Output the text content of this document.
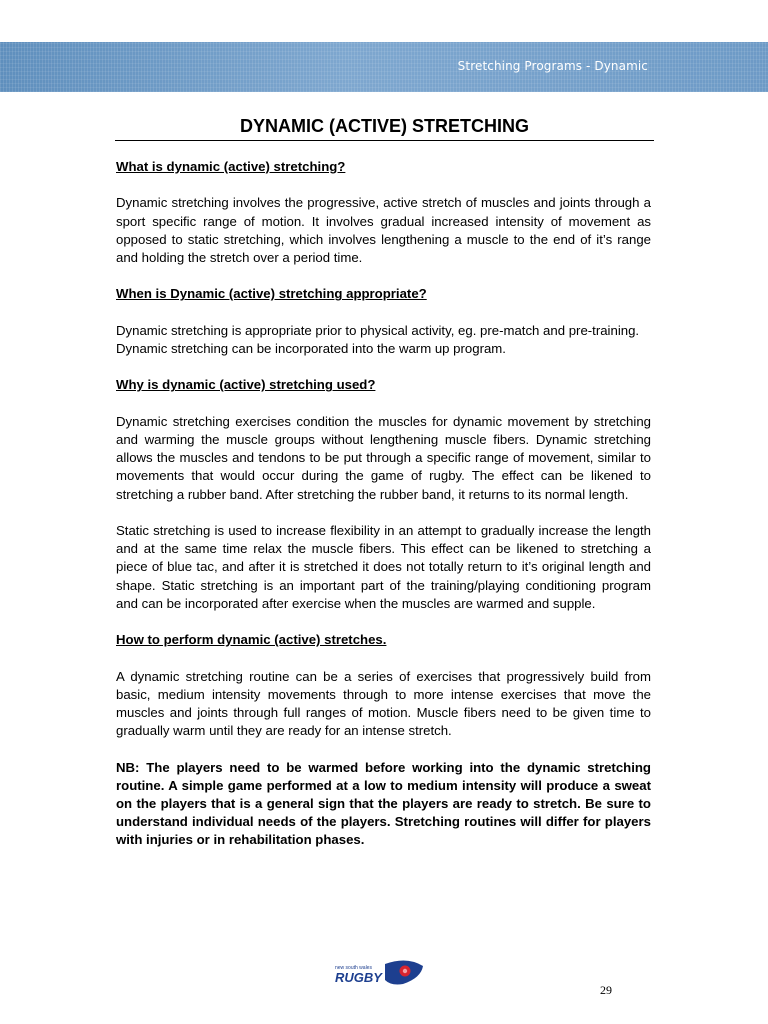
Stretching Programs - Dynamic
DYNAMIC (ACTIVE) STRETCHING

What is dynamic (active) stretching?

Dynamic stretching involves the progressive, active stretch of muscles and joints through a sport specific range of motion. It involves gradual increased intensity of movement as opposed to static stretching, which involves lengthening a muscle to the end of it’s range and holding the stretch over a period time.

When is Dynamic (active) stretching appropriate?

Dynamic stretching is appropriate prior to physical activity, eg. pre-match and pre-training.

Dynamic stretching can be incorporated into the warm up program.

Why is dynamic (active) stretching used?

Dynamic stretching exercises condition the muscles for dynamic movement by stretching and warming the muscle groups without lengthening muscle fibers. Dynamic stretching allows the muscles and tendons to be put through a specific range of movement, similar to movements that would occur during the game of rugby. The effect can be likened to stretching a rubber band. After stretching the rubber band, it returns to its normal length.

Static stretching is used to increase flexibility in an attempt to gradually increase the length and at the same time relax the muscle fibers. This effect can be likened to stretching a piece of blue tac, and after it is stretched it does not totally return to it’s original length and shape. Static stretching is an important part of the training/playing conditioning program and can be incorporated after exercise when the muscles are warmed and supple.

How to perform dynamic (active) stretches.

A dynamic stretching routine can be a series of exercises that progressively build from basic, medium intensity movements through to more intense exercises that move the muscles and joints through full ranges of motion. Muscle fibers need to be given time to gradually warm until they are ready for an intense stretch.

NB: The players need to be warmed before working into the dynamic stretching routine. A simple game performed at a low to medium intensity will produce a sweat on the players that is a general sign that the players are ready to stretch. Be sure to understand individual needs of the players. Stretching routines will differ for players with injuries or in rehabilitation phases.

new south wales
RUGBY
29
